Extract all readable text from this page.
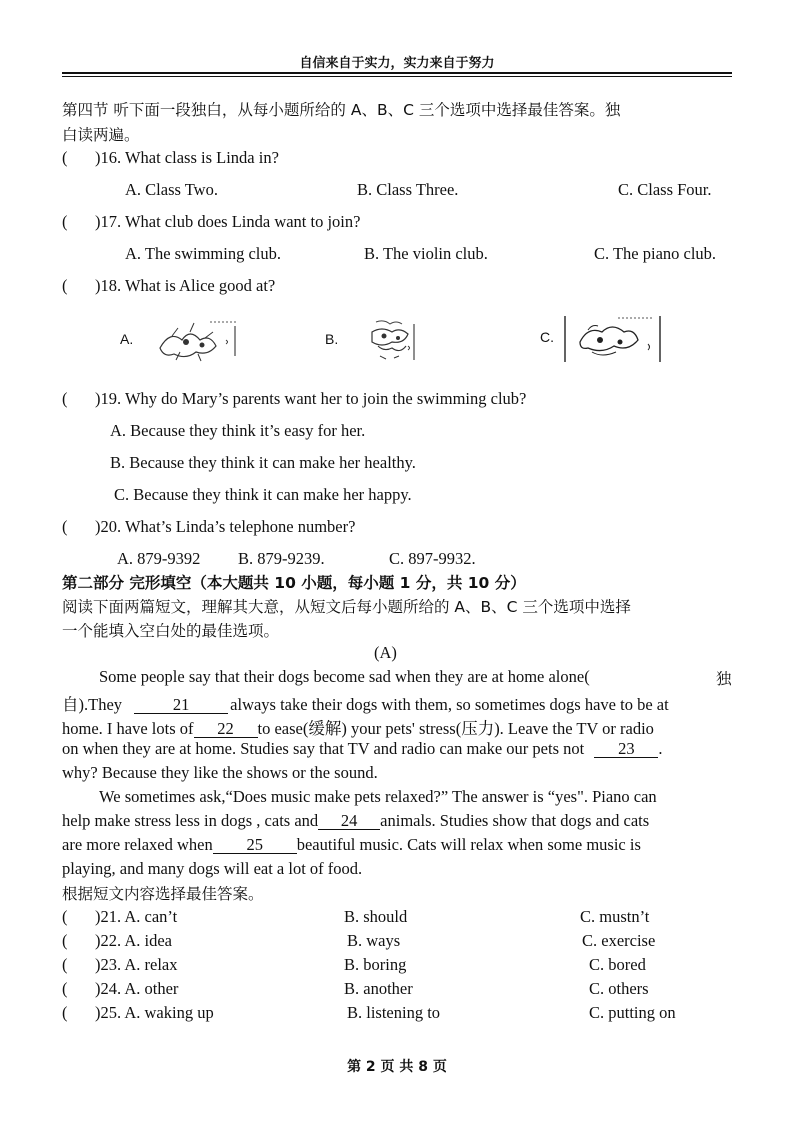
自信来自于实力，实力来自于努力
第四节 听下面一段独白，从每小题所给的 A、B、C 三个选项中选择最佳答案。独
白读两遍。
( )16. What class is Linda in?
A. Class Two.	B. Class Three.	C. Class Four.
( )17. What club does Linda want to join?
A. The swimming club.	B. The violin club.	C. The piano club.
( )18. What is Alice good at?
A.	B.	C.
( )19. Why do Mary’s parents want her to join the swimming club?
A. Because they think it’s easy for her.
B. Because they think it can make her healthy.
C. Because they think it can make her happy.
( )20. What’s Linda’s telephone number?
A. 879-9392 B. 879-9239.	C. 897-9932.
第二部分 完形填空（本大题共 10 小题，每小题 1 分，共 10 分）
阅读下面两篇短文，理解其大意，从短文后每小题所给的 A、B、C 三个选项中选择
一个能填入空白处的最佳选项。
(A)
Some people say that their dogs become sad when they are at home alone(	独
自).They	21 always take their dogs with them, so sometimes dogs have to be at
home. I have lots of 22 to ease(缓解) your pets' stress(压力). Leave the TV or radio
on when they are at home. Studies say that TV and radio can make our pets not 23 .
why? Because they like the shows or the sound.
We sometimes ask,“Does music make pets relaxed?” The answer is “yes". Piano can
help make stress less in dogs , cats and 24 animals. Studies show that dogs and cats
are more relaxed when 25 beautiful music. Cats will relax when some music is
playing, and many dogs will eat a lot of food.
根据短文内容选择最佳答案。
( )21. A. can’t	B. should	C. mustn’t
( )22. A. idea	B. ways	C. exercise
( )23. A. relax	B. boring	C. bored
( )24. A. other	B. another	C. others
( )25. A. waking up	B. listening to	C. putting on
第 2 页 共 8 页
